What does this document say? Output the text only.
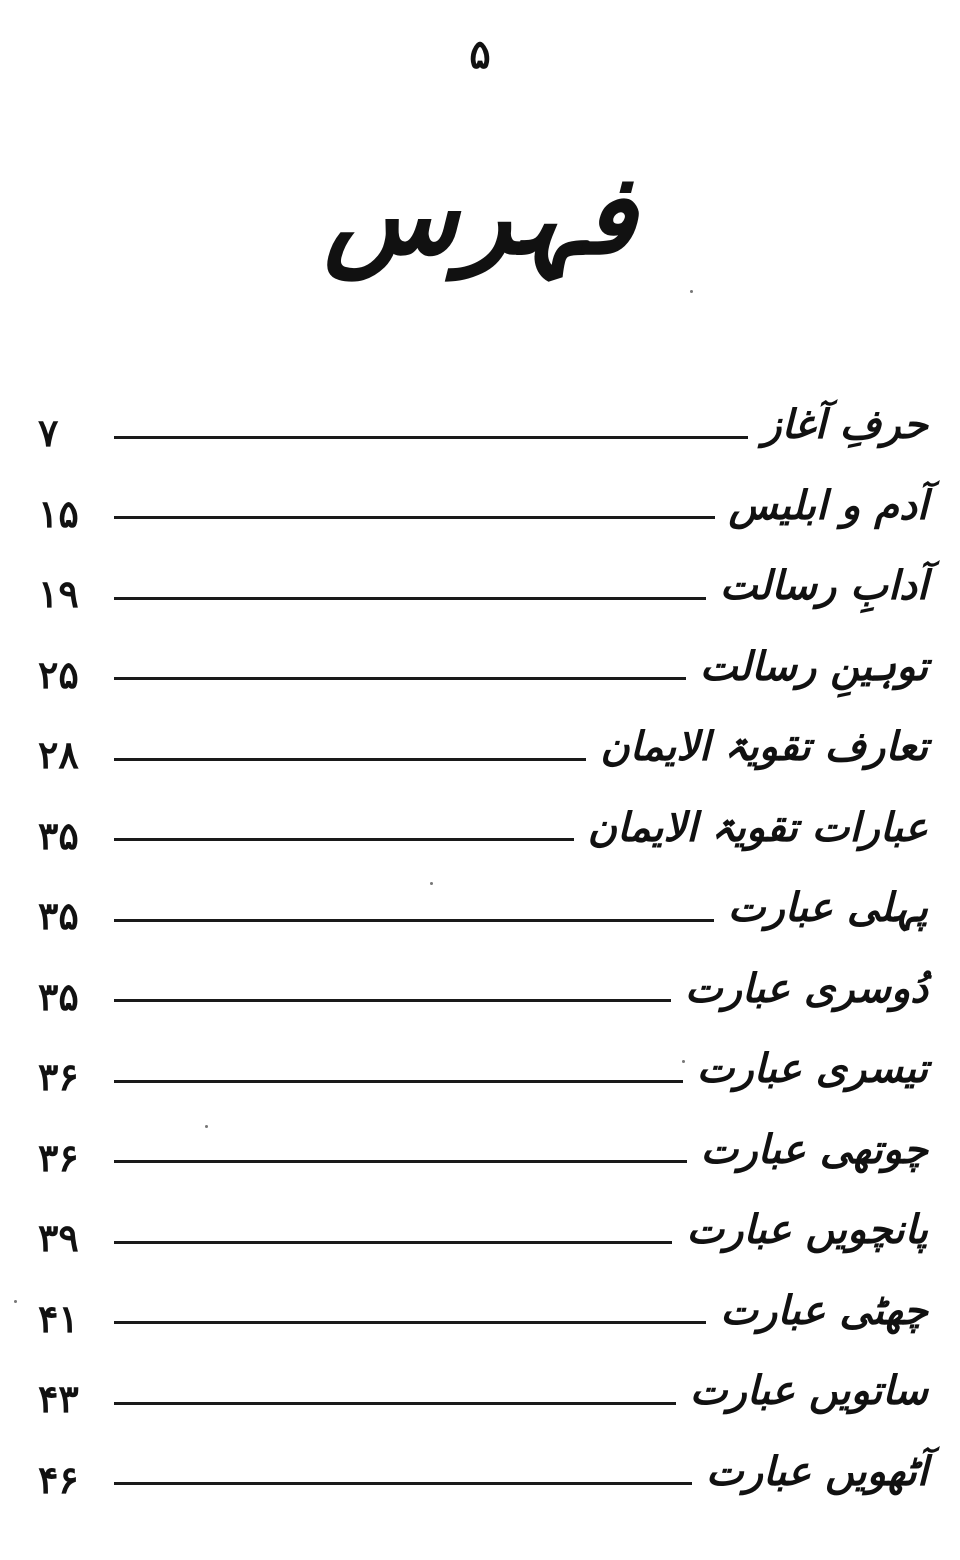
۵
فہرس
حرفِ آغاز
۷
آدم و ابلیس
۱۵
آدابِ رسالت
۱۹
توہینِ رسالت
۲۵
تعارف تقویۃ الایمان
۲۸
عبارات تقویۃ الایمان
۳۵
پہلی عبارت
۳۵
دُوسری عبارت
۳۵
تیسری عبارت
۳۶
چوتھی عبارت
۳۶
پانچویں عبارت
۳۹
چھٹی عبارت
۴۱
ساتویں عبارت
۴۳
آٹھویں عبارت
۴۶
